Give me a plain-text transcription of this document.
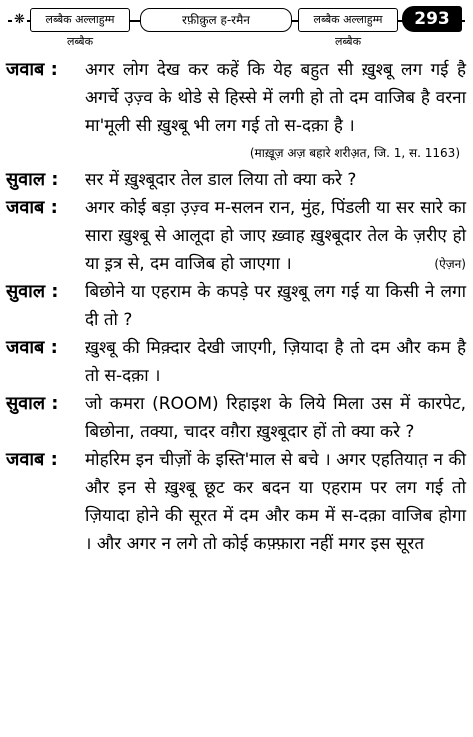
❋	लब्बैक अल्लाहुम्म लब्बैक
रफ़ीक़ुल ह-रमैन	लब्बैक अल्लाहुम्म लब्बैक
293
जवाब :	अगर लोग देख कर कहें कि येह बहुत सी ख़ुश्बू लग गई है अगर्चे उ़ज़्व के थोडे से हिस्से में लगी हो तो दम वाजिब है वरना मा'मूली सी ख़ुश्बू भी लग गई तो स-दक़ा है ।
(माख़ूज़ अज़ बहारे शरीअ़त, जि. 1, स. 1163)
सुवाल :	सर में ख़ुश्बूदार तेल डाल लिया तो क्या करे ?
जवाब :	अगर कोई बड़ा उ़ज़्व म-सलन रान, मुंह, पिंडली या सर सारे का सारा ख़ुश्बू से आलूदा हो जाए ख़्वाह ख़ुश्बूदार तेल के ज़रीए हो या इ़त्र से, दम वाजिब हो जाएगा ।	(ऐज़न)
सुवाल :	बिछोने या एहराम के कपड़े पर ख़ुश्बू लग गई या किसी ने लगा दी तो ?
जवाब :	ख़ुश्बू की मिक़्दार देखी जाएगी, ज़ियादा है तो दम और कम है तो स-दक़ा ।
सुवाल :	जो कमरा (ROOM) रिहाइश के लिये मिला उस में कारपेट, बिछोना, तक्या, चादर वग़ैरा ख़ुश्बूदार हों तो क्या करे ?
जवाब :	मोहरिम इन चीज़ों के इस्ति'माल से बचे । अगर एहतियात़ न की और इन से ख़ुश्बू छूट कर बदन या एहराम पर लग गई तो ज़ियादा होने की सूरत में दम और कम में स-दक़ा वाजिब होगा । और अगर न लगे तो कोई कफ़्फ़ारा नहीं मगर इस सूरत
